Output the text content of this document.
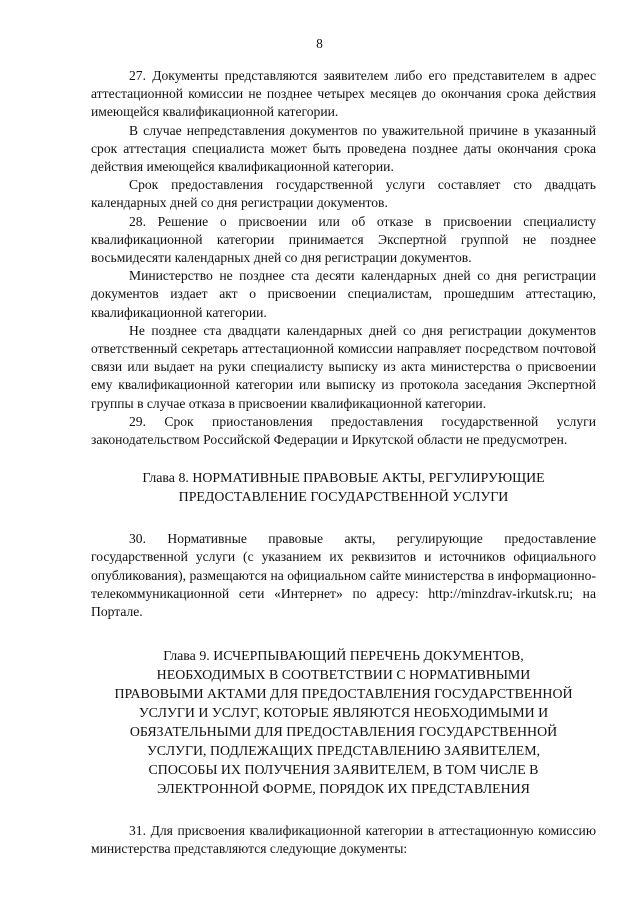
8

27. Документы представляются заявителем либо его представителем в адрес аттестационной комиссии не позднее четырех месяцев до окончания срока действия имеющейся квалификационной категории.

В случае непредставления документов по уважительной причине в указанный срок аттестация специалиста может быть проведена позднее даты окончания срока действия имеющейся квалификационной категории.

Срок предоставления государственной услуги составляет сто двадцать календарных дней со дня регистрации документов.

28. Решение о присвоении или об отказе в присвоении специалисту квалификационной категории принимается Экспертной группой не позднее восьмидесяти календарных дней со дня регистрации документов.

Министерство не позднее ста десяти календарных дней со дня регистрации документов издает акт о присвоении специалистам, прошедшим аттестацию, квалификационной категории.

Не позднее ста двадцати календарных дней со дня регистрации документов ответственный секретарь аттестационной комиссии направляет посредством почтовой связи или выдает на руки специалисту выписку из акта министерства о присвоении ему квалификационной категории или выписку из протокола заседания Экспертной группы в случае отказа в присвоении квалификационной категории.

29. Срок приостановления предоставления государственной услуги законодательством Российской Федерации и Иркутской области не предусмотрен.

Глава 8. НОРМАТИВНЫЕ ПРАВОВЫЕ АКТЫ, РЕГУЛИРУЮЩИЕ
ПРЕДОСТАВЛЕНИЕ ГОСУДАРСТВЕННОЙ УСЛУГИ

30. Нормативные правовые акты, регулирующие предоставление государственной услуги (с указанием их реквизитов и источников официального опубликования), размещаются на официальном сайте министерства в информационно-телекоммуникационной сети «Интернет» по адресу: http://minzdrav-irkutsk.ru; на Портале.

Глава 9. ИСЧЕРПЫВАЮЩИЙ ПЕРЕЧЕНЬ ДОКУМЕНТОВ,
НЕОБХОДИМЫХ В СООТВЕТСТВИИ С НОРМАТИВНЫМИ
ПРАВОВЫМИ АКТАМИ ДЛЯ ПРЕДОСТАВЛЕНИЯ ГОСУДАРСТВЕННОЙ
УСЛУГИ И УСЛУГ, КОТОРЫЕ ЯВЛЯЮТСЯ НЕОБХОДИМЫМИ И
ОБЯЗАТЕЛЬНЫМИ ДЛЯ ПРЕДОСТАВЛЕНИЯ ГОСУДАРСТВЕННОЙ
УСЛУГИ, ПОДЛЕЖАЩИХ ПРЕДСТАВЛЕНИЮ ЗАЯВИТЕЛЕМ,
СПОСОБЫ ИХ ПОЛУЧЕНИЯ ЗАЯВИТЕЛЕМ, В ТОМ ЧИСЛЕ В
ЭЛЕКТРОННОЙ ФОРМЕ, ПОРЯДОК ИХ ПРЕДСТАВЛЕНИЯ

31. Для присвоения квалификационной категории в аттестационную комиссию министерства представляются следующие документы:
